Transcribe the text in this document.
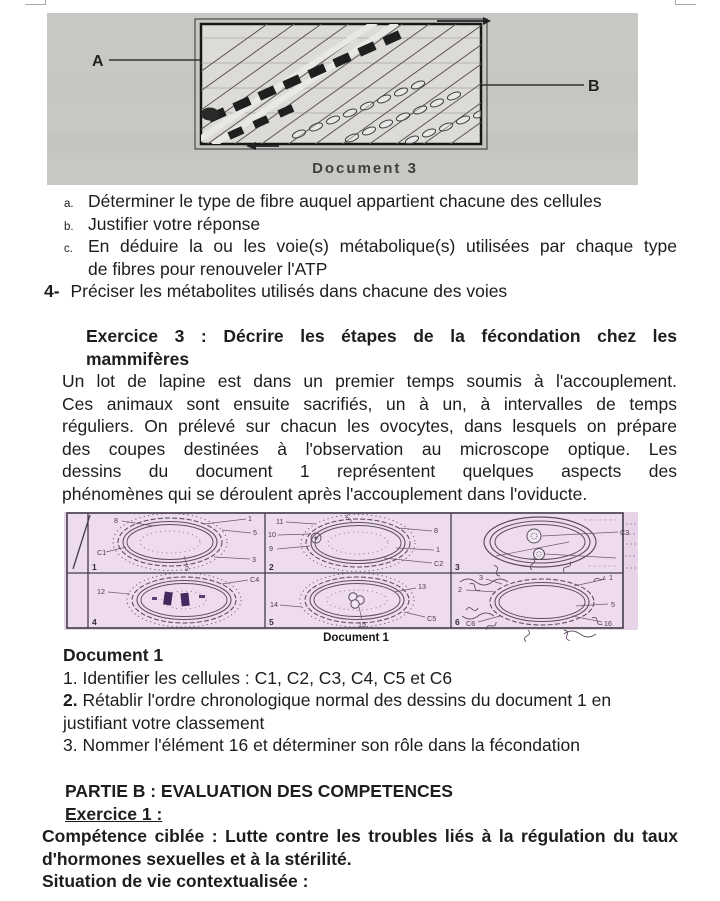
A
B
Document 3
a. Déterminer le type de fibre auquel appartient chacune des cellules
b. Justifier votre réponse
c. En déduire la ou les voie(s) métabolique(s) utilisées par chaque type
de fibres pour renouveler l'ATP
4- Préciser les métabolites utilisés dans chacune des voies
Exercice 3 : Décrire les étapes de la fécondation chez les
mammifères
Un lot de lapine est dans un premier temps soumis à l'accouplement.
Ces animaux sont ensuite sacrifiés, un à un, à intervalles de temps
réguliers. On prélevé sur chacun les ovocytes, dans lesquels on prépare
des coupes destinées à l'observation au microscope optique. Les
dessins du document 1 représentent quelques aspects des
phénomènes qui se déroulent après l'accouplement dans l'oviducte.
8	1
5
3
2
C1
1
11
10
9
2
8
1
C2
2
C3
3
12
C4
4
14
13
15
C5
5
3
2
1
5
16
C6
6
Document 1
Document 1
1. Identifier les cellules : C1, C2, C3, C4, C5 et C6
2. Rétablir l'ordre chronologique normal des dessins du document 1 en justifiant votre classement
3. Nommer l'élément 16 et déterminer son rôle dans la fécondation
PARTIE B : EVALUATION DES COMPETENCES
Exercice 1 :
Compétence ciblée : Lutte contre les troubles liés à la régulation du taux
d'hormones sexuelles et à la stérilité.
Situation de vie contextualisée :
